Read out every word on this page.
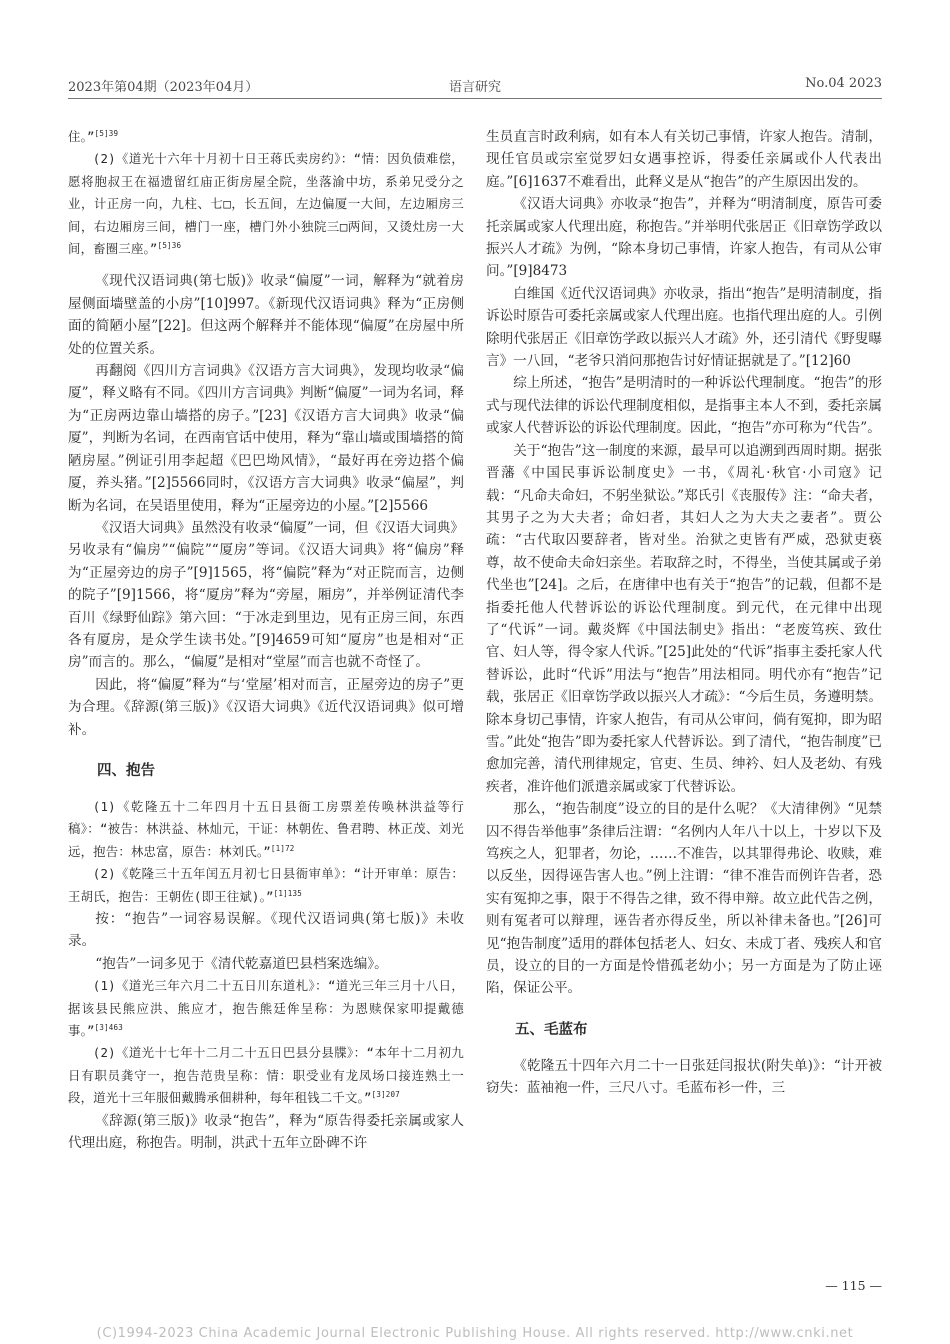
2023年第04期（2023年04月）	语言研究	No.04 2023

住。”$^{[5]39}$

(2)《道光十六年十月初十日王蒋氏卖房约》：“情：因负债难偿，愿将胞叔王在福遗留红庙正街房屋全院，坐落渝中坊，系弟兄受分之业，计正房一向，九柱、七□，长五间，左边偏厦一大间，左边厢房三间，右边厢房三间，槽门一座，槽门外小独院三□两间，又烫灶房一大间，畜圈三座。”$^{[5]36}$

《现代汉语词典(第七版)》收录“偏厦”一词，解释为“就着房屋侧面墙壁盖的小房”[10]997。《新现代汉语词典》释为“正房侧面的简陋小屋”[22]。但这两个解释并不能体现“偏厦”在房屋中所处的位置关系。

再翻阅《四川方言词典》《汉语方言大词典》，发现均收录“偏厦”，释义略有不同。《四川方言词典》判断“偏厦”一词为名词，释为“正房两边靠山墙搭的房子。”[23]《汉语方言大词典》收录“偏厦”，判断为名词，在西南官话中使用，释为“靠山墙或围墙搭的简陋房屋。”例证引用李起超《巴巴坳风情》，“最好再在旁边搭个偏厦，养头猪。”[2]5566同时，《汉语方言大词典》收录“偏屋”，判断为名词，在吴语里使用，释为“正屋旁边的小屋。”[2]5566

《汉语大词典》虽然没有收录“偏厦”一词，但《汉语大词典》另收录有“偏房”“偏院”“厦房”等词。《汉语大词典》将“偏房”释为“正屋旁边的房子”[9]1565，将“偏院”释为“对正院而言，边侧的院子”[9]1566，将“厦房”释为“旁屋，厢房”，并举例证清代李百川《绿野仙踪》第六回：“于冰走到里边，见有正房三间，东西各有厦房，是众学生读书处。”[9]4659可知“厦房”也是相对“正房”而言的。那么，“偏厦”是相对“堂屋”而言也就不奇怪了。

因此，将“偏厦”释为“与‘堂屋’相对而言，正屋旁边的房子”更为合理。《辞源(第三版)》《汉语大词典》《近代汉语词典》似可增补。

四、抱告

(1)《乾隆五十二年四月十五日县衙工房票差传唤林洪益等行稿》：“被告：林洪益、林灿元，干证：林朝佐、鲁君聘、林正茂、刘光远，抱告：林忠富，原告：林刘氏。”$^{[1]72}$

(2)《乾隆三十五年闰五月初七日县衙审单》：“计开审单：原告：王胡氏，抱告：王朝佐(即王往斌)。”$^{[1]135}$

按：“抱告”一词容易误解。《现代汉语词典(第七版)》未收录。

“抱告”一词多见于《清代乾嘉道巴县档案选编》。

(1)《道光三年六月二十五日川东道札》：“道光三年三月十八日，据该县民熊应洪、熊应才，抱告熊廷侔呈称：为恩赎保家叩提戴德事。”$^{[3]463}$

(2)《道光十七年十二月二十五日巴县分县牒》：“本年十二月初九日有职员龚守一，抱告范贵呈称：情：职受业有龙凤场口接连熟土一段，道光十三年服佃戴腾承佃耕种，每年租钱二千文。”$^{[3]207}$

《辞源(第三版)》收录“抱告”，释为“原告得委托亲属或家人代理出庭，称抱告。明制，洪武十五年立卧碑不许

生员直言时政利病，如有本人有关切己事情，许家人抱告。清制，现任官员或宗室觉罗妇女遇事控诉，得委任亲属或仆人代表出庭。”[6]1637不难看出，此释义是从“抱告”的产生原因出发的。

《汉语大词典》亦收录“抱告”，并释为“明清制度，原告可委托亲属或家人代理出庭，称抱告。”并举明代张居正《旧章饬学政以振兴人才疏》为例，“除本身切己事情，许家人抱告，有司从公审问。”[9]8473

白维国《近代汉语词典》亦收录，指出“抱告”是明清制度，指诉讼时原告可委托亲属或家人代理出庭。也指代理出庭的人。引例除明代张居正《旧章饬学政以振兴人才疏》外，还引清代《野叟曝言》一八回，“老爷只消问那抱告讨好情证据就是了。”[12]60

综上所述，“抱告”是明清时的一种诉讼代理制度。“抱告”的形式与现代法律的诉讼代理制度相似，是指事主本人不到，委托亲属或家人代替诉讼的诉讼代理制度。因此，“抱告”亦可称为“代告”。

关于“抱告”这一制度的来源，最早可以追溯到西周时期。据张晋藩《中国民事诉讼制度史》一书，《周礼·秋官·小司寇》记载：“凡命夫命妇，不躬坐狱讼。”郑氏引《丧服传》注：“命夫者，其男子之为大夫者；命妇者，其妇人之为大夫之妻者”。贾公疏：“古代取囚要辞者，皆对坐。治狱之吏皆有严威，恐狱吏亵尊，故不使命夫命妇亲坐。若取辞之时，不得坐，当使其属或子弟代坐也”[24]。之后，在唐律中也有关于“抱告”的记载，但都不是指委托他人代替诉讼的诉讼代理制度。到元代，在元律中出现了“代诉”一词。戴炎辉《中国法制史》指出：“老废笃疾、致仕官、妇人等，得令家人代诉。”[25]此处的“代诉”指事主委托家人代替诉讼，此时“代诉”用法与“抱告”用法相同。明代亦有“抱告”记载，张居正《旧章饬学政以振兴人才疏》：“今后生员，务遵明禁。除本身切己事情，许家人抱告，有司从公审问，倘有冤抑，即为昭雪。”此处“抱告”即为委托家人代替诉讼。到了清代，“抱告制度”已愈加完善，清代刑律规定，官吏、生员、绅衿、妇人及老幼、有残疾者，准许他们派遣亲属或家丁代替诉讼。

那么，“抱告制度”设立的目的是什么呢？《大清律例》“见禁囚不得告举他事”条律后注谓：“名例内人年八十以上，十岁以下及笃疾之人，犯罪者，勿论，……不准告，以其罪得弗论、收赎，难以反坐，因得诬告害人也。”例上注谓：“律不准告而例许告者，恐实有冤抑之事，限于不得告之律，致不得申辩。故立此代告之例，则有冤者可以辩理，诬告者亦得反坐，所以补律未备也。”[26]可见“抱告制度”适用的群体包括老人、妇女、未成丁者、残疾人和官员，设立的目的一方面是怜惜孤老幼小；另一方面是为了防止诬陷，保证公平。

五、毛蓝布

《乾隆五十四年六月二十一日张廷闫报状(附失单)》：“计开被窃失：蓝袖袍一件，三尺八寸。毛蓝布衫一件，三

— 115 —
(C)1994-2023 China Academic Journal Electronic Publishing House. All rights reserved. http://www.cnki.net
